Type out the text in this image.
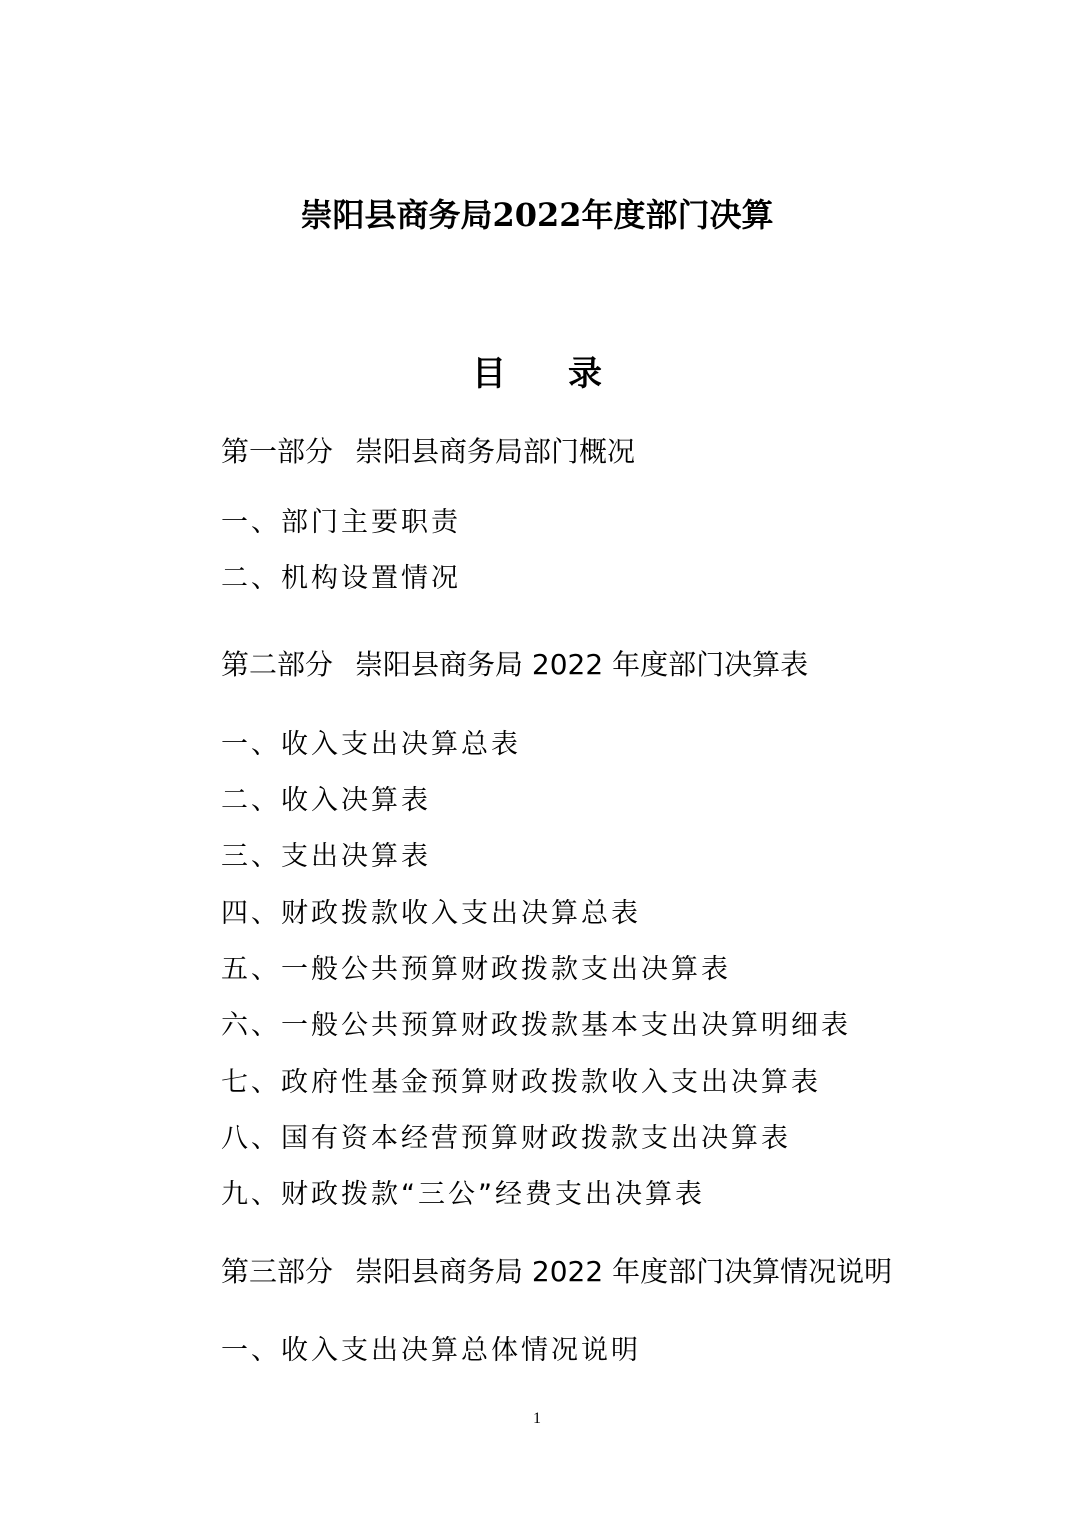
崇阳县商务局2022年度部门决算
目 录
第一部分 崇阳县商务局部门概况
一、部门主要职责
二、机构设置情况
第二部分 崇阳县商务局 2022 年度部门决算表
一、收入支出决算总表
二、收入决算表
三、支出决算表
四、财政拨款收入支出决算总表
五、一般公共预算财政拨款支出决算表
六、一般公共预算财政拨款基本支出决算明细表
七、政府性基金预算财政拨款收入支出决算表
八、国有资本经营预算财政拨款支出决算表
九、财政拨款“三公”经费支出决算表
第三部分 崇阳县商务局 2022 年度部门决算情况说明
一、收入支出决算总体情况说明
1
